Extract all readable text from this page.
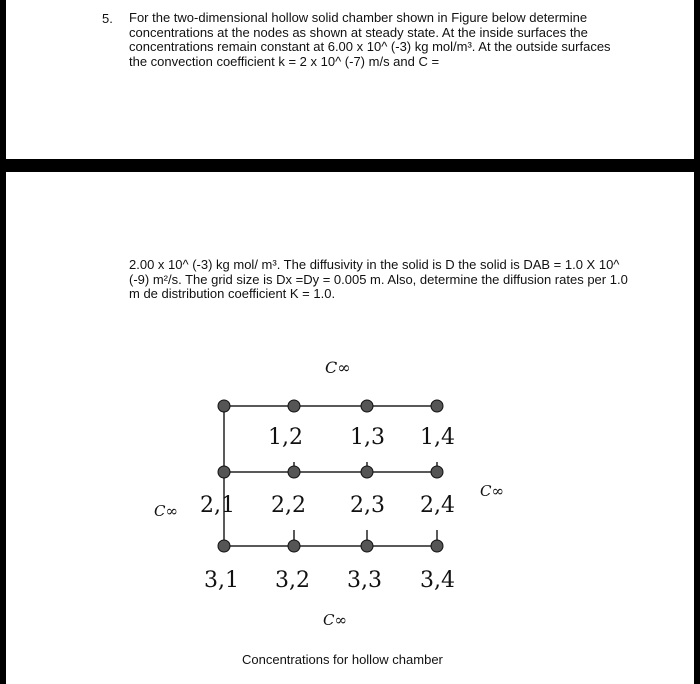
5. For the two-dimensional hollow solid chamber shown in Figure below determine concentrations at the nodes as shown at steady state. At the inside surfaces the concentrations remain constant at 6.00 x 10^ (-3) kg mol/m³. At the outside surfaces the convection coefficient k = 2 x 10^ (-7) m/s and C =
2.00 x 10^ (-3) kg mol/ m³. The diffusivity in the solid is D the solid is DAB = 1.0 X 10^ (-9) m²/s. The grid size is Dx =Dy = 0.005 m. Also, determine the diffusion rates per 1.0 m de distribution coefficient K = 1.0.
1,2 1,3 1,4
2,1 2,2 2,3 2,4
3,1 3,2 3,3 3,4
C∞
C∞
C∞
C∞
Concentrations for hollow chamber
